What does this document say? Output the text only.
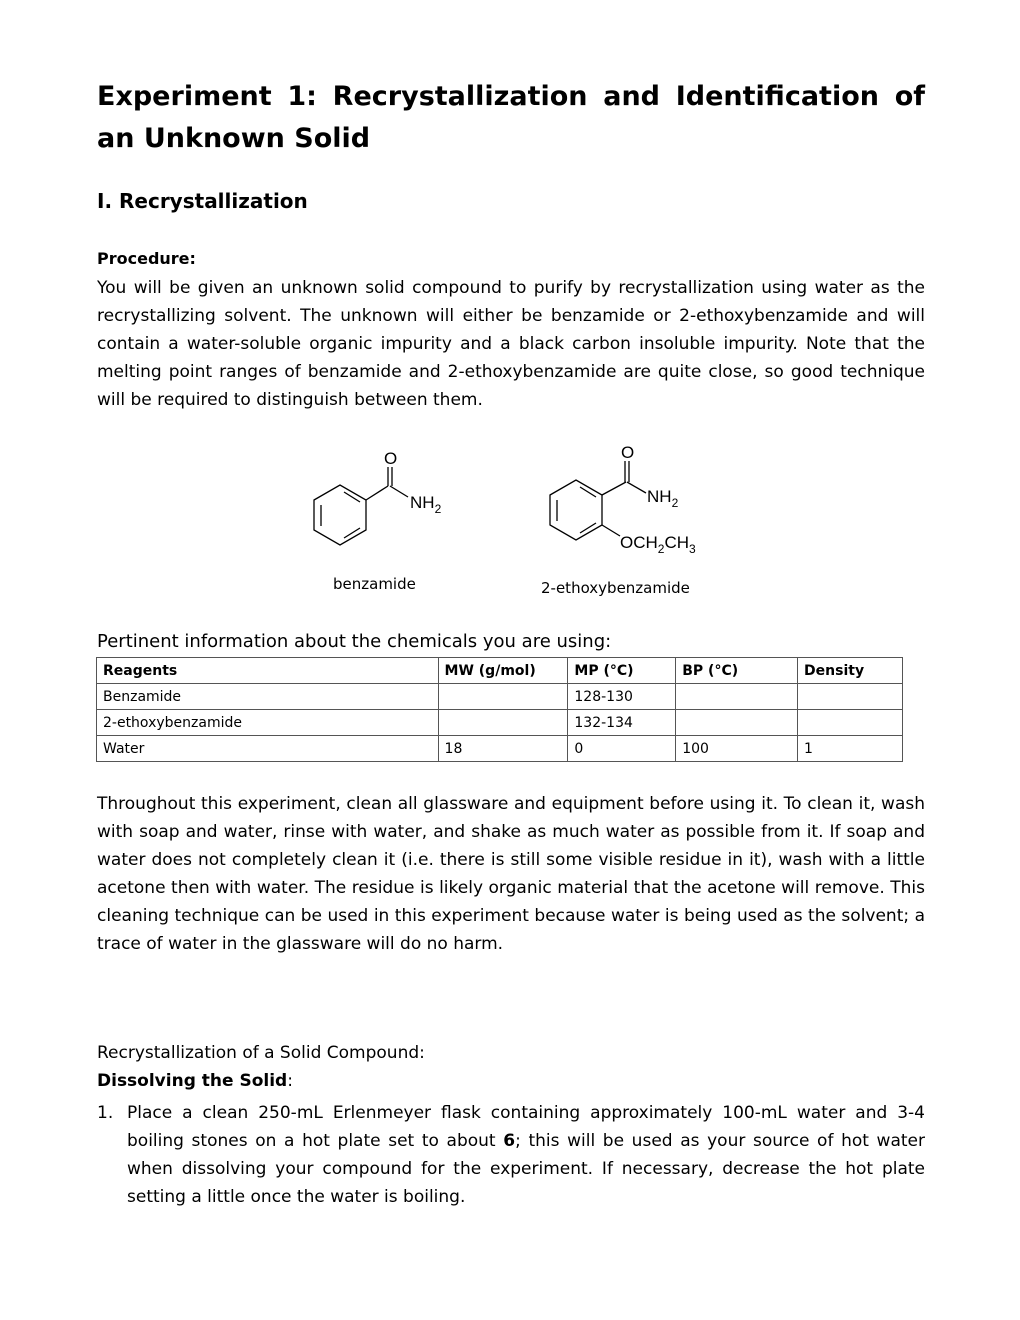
Experiment 1: Recrystallization and Identification of an Unknown Solid
I. Recrystallization
Procedure:
You will be given an unknown solid compound to purify by recrystallization using water as the recrystallizing solvent. The unknown will either be benzamide or 2-ethoxybenzamide and will contain a water-soluble organic impurity and a black carbon insoluble impurity. Note that the melting point ranges of benzamide and 2-ethoxybenzamide are quite close, so good technique will be required to distinguish between them.
O
$NH_2$
benzamide
O
$NH_2$
$OCH_2CH_3$
2-ethoxybenzamide
Pertinent information about the chemicals you are using:
Reagents	MW (g/mol)	MP (°C)	BP (°C)	Density
Benzamide		128-130		
2-ethoxybenzamide		132-134		
Water	18	0	100	1
Throughout this experiment, clean all glassware and equipment before using it. To clean it, wash with soap and water, rinse with water, and shake as much water as possible from it. If soap and water does not completely clean it (i.e. there is still some visible residue in it), wash with a little acetone then with water. The residue is likely organic material that the acetone will remove. This cleaning technique can be used in this experiment because water is being used as the solvent; a trace of water in the glassware will do no harm.
Recrystallization of a Solid Compound:
Dissolving the Solid:
1. Place a clean 250-mL Erlenmeyer flask containing approximately 100-mL water and 3-4 boiling stones on a hot plate set to about 6; this will be used as your source of hot water when dissolving your compound for the experiment. If necessary, decrease the hot plate setting a little once the water is boiling.
